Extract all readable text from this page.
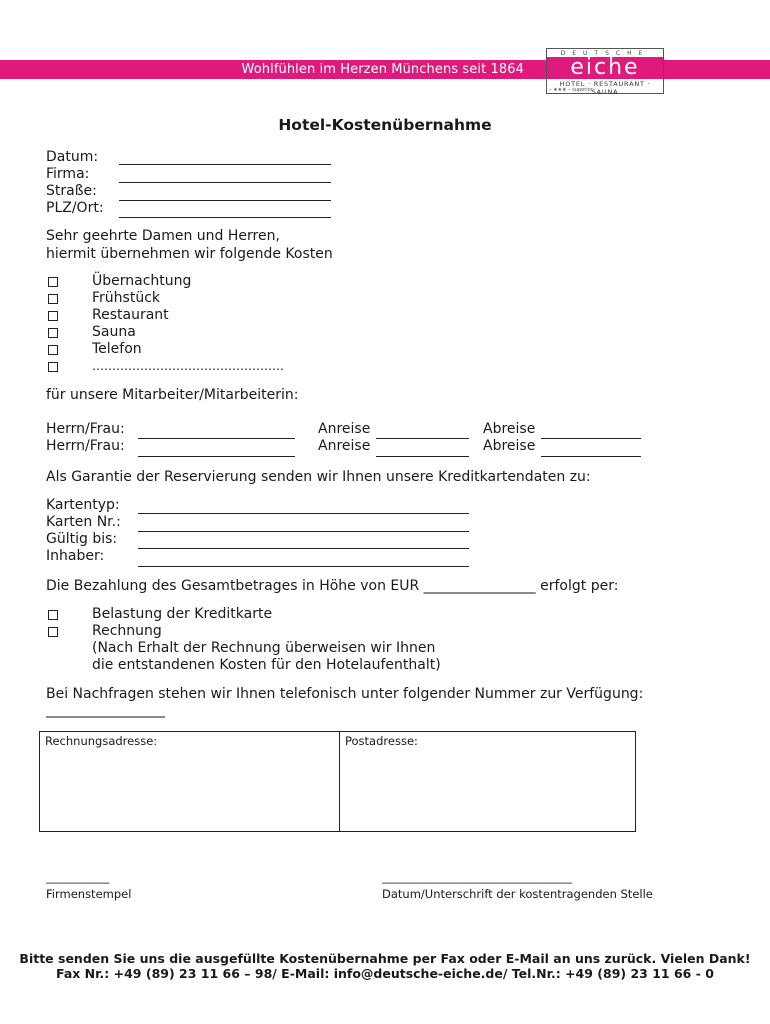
Wohlfühlen im Herzen Münchens seit 1864
DEUTSCHE
eiche
HOTEL · RESTAURANT · SAUNA
– ★★★ – superior
Hotel-Kostenübernahme
Datum:
Firma:
Straße:
PLZ/Ort:
Sehr geehrte Damen und Herren,
hiermit übernehmen wir folgende Kosten
Übernachtung
Frühstück
Restaurant
Sauna
Telefon
…………………………………………
für unsere Mitarbeiter/Mitarbeiterin:
Herrn/Frau:	Anreise	Abreise
Herrn/Frau:	Anreise	Abreise
Als Garantie der Reservierung senden wir Ihnen unsere Kreditkartendaten zu:
Kartentyp:
Karten Nr.:
Gültig bis:
Inhaber:
Die Bezahlung des Gesamtbetrages in Höhe von EUR ________________ erfolgt per:
Belastung der Kreditkarte
Rechnung
(Nach Erhalt der Rechnung überweisen wir Ihnen
die entstandenen Kosten für den Hotelaufenthalt)
Bei Nachfragen stehen wir Ihnen telefonisch unter folgender Nummer zur Verfügung:
_________________
Rechnungsadresse:	Postadresse:
___________
Firmenstempel
_________________________________
Datum/Unterschrift der kostentragenden Stelle
Bitte senden Sie uns die ausgefüllte Kostenübernahme per Fax oder E-Mail an uns zurück. Vielen Dank!
Fax Nr.: +49 (89) 23 11 66 – 98/ E-Mail: info@deutsche-eiche.de/ Tel.Nr.: +49 (89) 23 11 66 - 0
